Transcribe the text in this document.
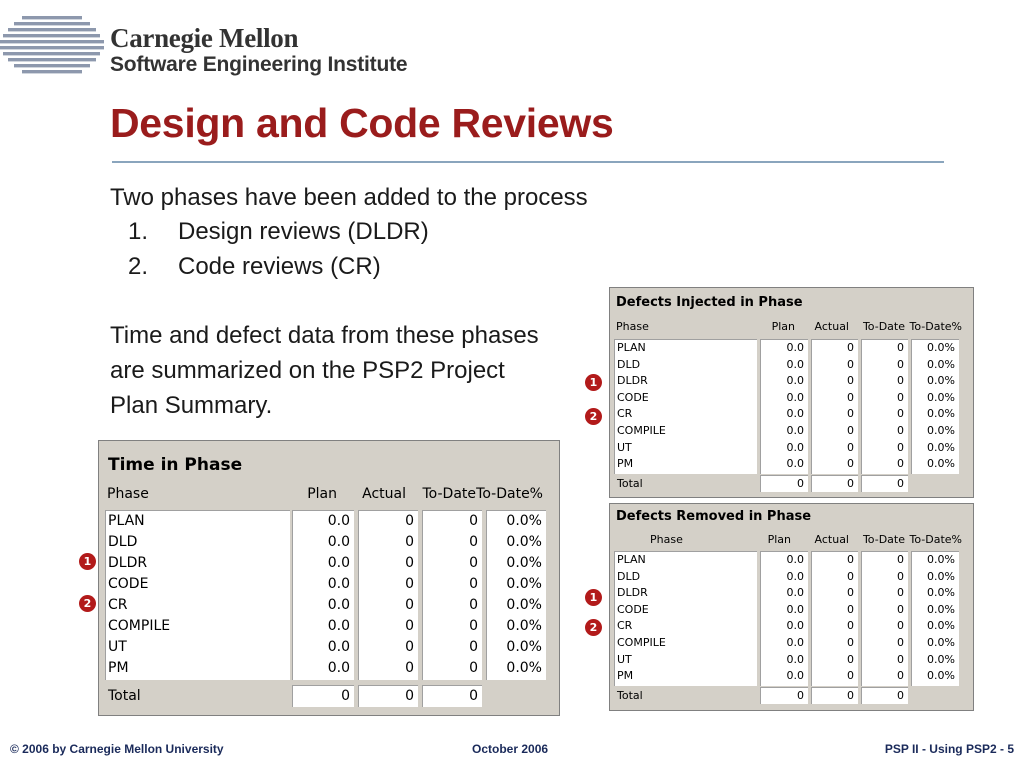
Carnegie Mellon
Software Engineering Institute
Design and Code Reviews
Two phases have been added to the process
1. Design reviews (DLDR)
2. Code reviews (CR)
Time and defect data from these phases are summarized on the PSP2 Project Plan Summary.
Time in Phase
Phase	Plan	Actual	To-Date To-Date%
PLAN	0.0	0	0	0.0%
DLD	0.0	0	0	0.0%
DLDR	0.0	0	0	0.0%
CODE	0.0	0	0	0.0%
CR	0.0	0	0	0.0%
COMPILE	0.0	0	0	0.0%
UT	0.0	0	0	0.0%
PM	0.0	0	0	0.0%
Total	0	0	0
Defects Injected in Phase
Phase	Plan	Actual	To-Date To-Date%
PLAN	0.0	0	0	0.0%
DLD	0.0	0	0	0.0%
DLDR	0.0	0	0	0.0%
CODE	0.0	0	0	0.0%
CR	0.0	0	0	0.0%
COMPILE	0.0	0	0	0.0%
UT	0.0	0	0	0.0%
PM	0.0	0	0	0.0%
Total	0	0	0
Defects Removed in Phase
Phase	Plan	Actual	To-Date To-Date%
PLAN	0.0	0	0	0.0%
DLD	0.0	0	0	0.0%
DLDR	0.0	0	0	0.0%
CODE	0.0	0	0	0.0%
CR	0.0	0	0	0.0%
COMPILE	0.0	0	0	0.0%
UT	0.0	0	0	0.0%
PM	0.0	0	0	0.0%
Total	0	0	0
1
2
1
2
1
2
© 2006 by Carnegie Mellon University	October 2006	PSP II - Using PSP2 - 5
